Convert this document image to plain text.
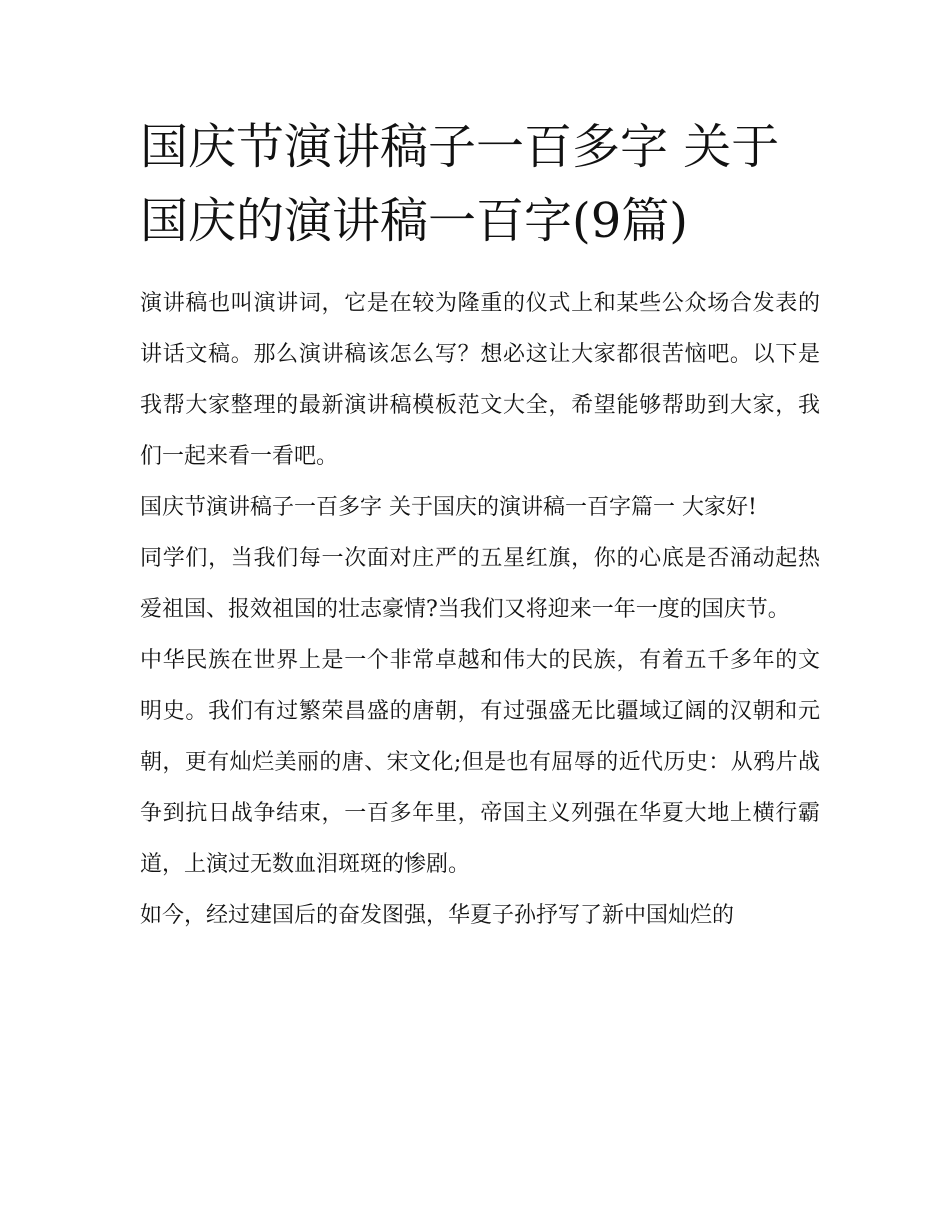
国庆节演讲稿子一百多字 关于国庆的演讲稿一百字(9篇)

演讲稿也叫演讲词，它是在较为隆重的仪式上和某些公众场合发表的讲话文稿。那么演讲稿该怎么写？想必这让大家都很苦恼吧。以下是我帮大家整理的最新演讲稿模板范文大全，希望能够帮助到大家，我们一起来看一看吧。

国庆节演讲稿子一百多字 关于国庆的演讲稿一百字篇一 大家好!

同学们，当我们每一次面对庄严的五星红旗，你的心底是否涌动起热爱祖国、报效祖国的壮志豪情?当我们又将迎来一年一度的国庆节。

中华民族在世界上是一个非常卓越和伟大的民族，有着五千多年的文明史。我们有过繁荣昌盛的唐朝，有过强盛无比疆域辽阔的汉朝和元朝，更有灿烂美丽的唐、宋文化;但是也有屈辱的近代历史：从鸦片战争到抗日战争结束，一百多年里，帝国主义列强在华夏大地上横行霸道，上演过无数血泪斑斑的惨剧。

如今，经过建国后的奋发图强，华夏子孙抒写了新中国灿烂的
